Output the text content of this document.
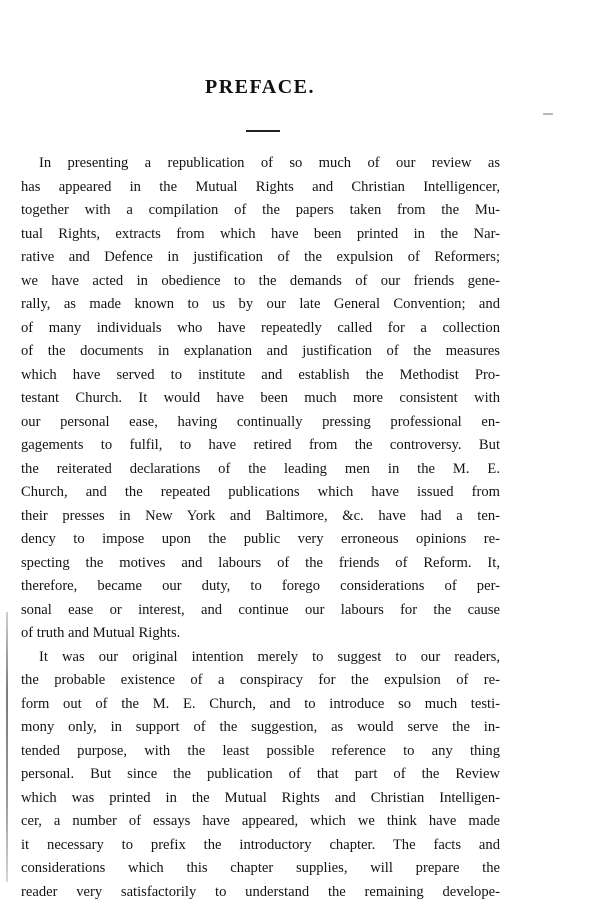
PREFACE.
In presenting a republication of so much of our review as
has appeared in the Mutual Rights and Christian Intelligencer,
together with a compilation of the papers taken from the Mu-
tual Rights, extracts from which have been printed in the Nar-
rative and Defence in justification of the expulsion of Reformers;
we have acted in obedience to the demands of our friends gene-
rally, as made known to us by our late General Convention; and
of many individuals who have repeatedly called for a collection
of the documents in explanation and justification of the measures
which have served to institute and establish the Methodist Pro-
testant Church. It would have been much more consistent with
our personal ease, having continually pressing professional en-
gagements to fulfil, to have retired from the controversy. But
the reiterated declarations of the leading men in the M. E.
Church, and the repeated publications which have issued from
their presses in New York and Baltimore, &c. have had a ten-
dency to impose upon the public very erroneous opinions re-
specting the motives and labours of the friends of Reform. It,
therefore, became our duty, to forego considerations of per-
sonal ease or interest, and continue our labours for the cause
of truth and Mutual Rights.
It was our original intention merely to suggest to our readers,
the probable existence of a conspiracy for the expulsion of re-
form out of the M. E. Church, and to introduce so much testi-
mony only, in support of the suggestion, as would serve the in-
tended purpose, with the least possible reference to any thing
personal. But since the publication of that part of the Review
which was printed in the Mutual Rights and Christian Intelligen-
cer, a number of essays have appeared, which we think have made
it necessary to prefix the introductory chapter. The facts and
considerations which this chapter supplies, will prepare the
reader very satisfactorily to understand the remaining develope-
